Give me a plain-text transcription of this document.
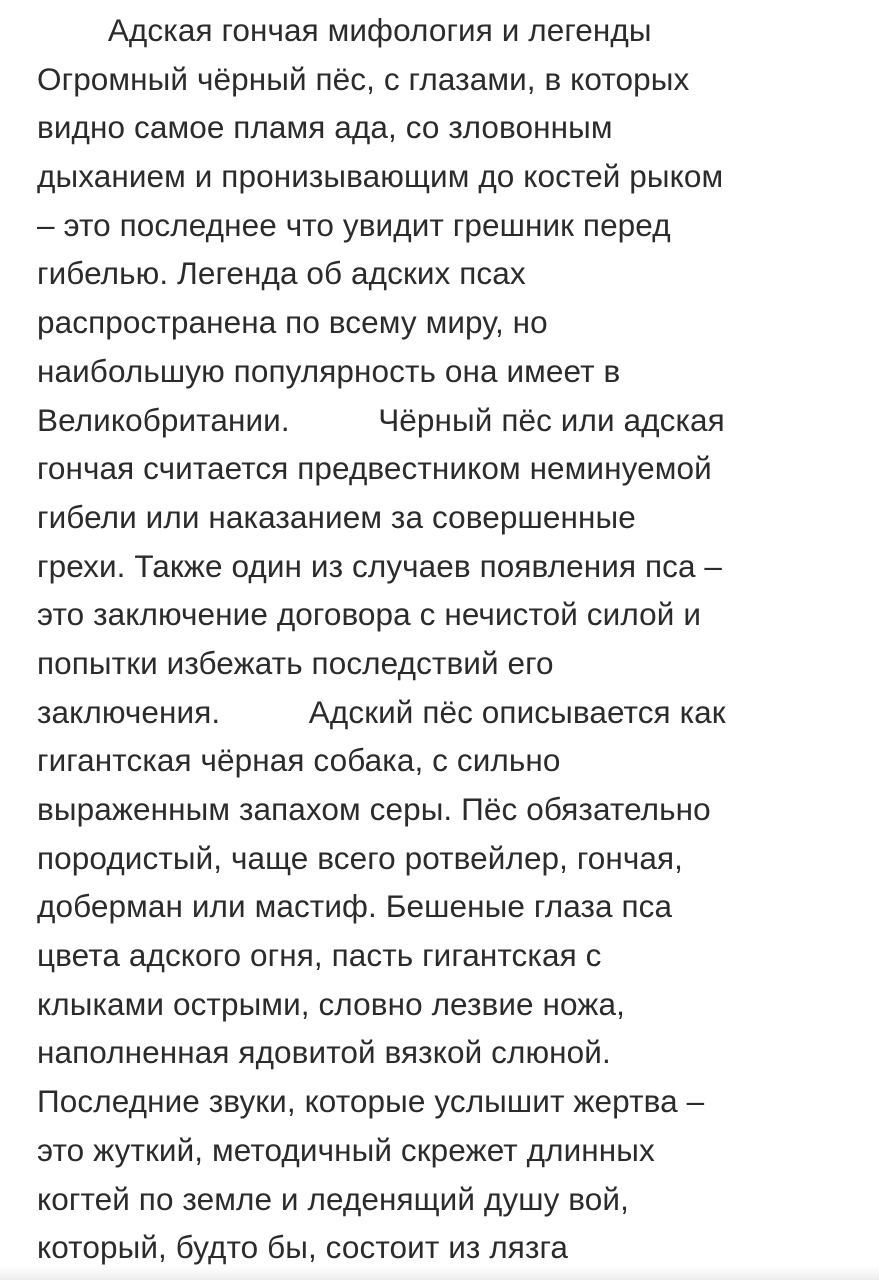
Адская гончая мифология и легенды
Огромный чёрный пёс, с глазами, в которых
видно самое пламя ада, со зловонным
дыханием и пронизывающим до костей рыком
– это последнее что увидит грешник перед
гибелью. Легенда об адских псах
распространена по всему миру, но
наибольшую популярность она имеет в
Великобритании.          Чёрный пёс или адская
гончая считается предвестником неминуемой
гибели или наказанием за совершенные
грехи. Также один из случаев появления пса –
это заключение договора с нечистой силой и
попытки избежать последствий его
заключения.          Адский пёс описывается как
гигантская чёрная собака, с сильно
выраженным запахом серы. Пёс обязательно
породистый, чаще всего ротвейлер, гончая,
доберман или мастиф. Бешеные глаза пса
цвета адского огня, пасть гигантская с
клыками острыми, словно лезвие ножа,
наполненная ядовитой вязкой слюной.
Последние звуки, которые услышит жертва –
это жуткий, методичный скрежет длинных
когтей по земле и леденящий душу вой,
который, будто бы, состоит из лязга
